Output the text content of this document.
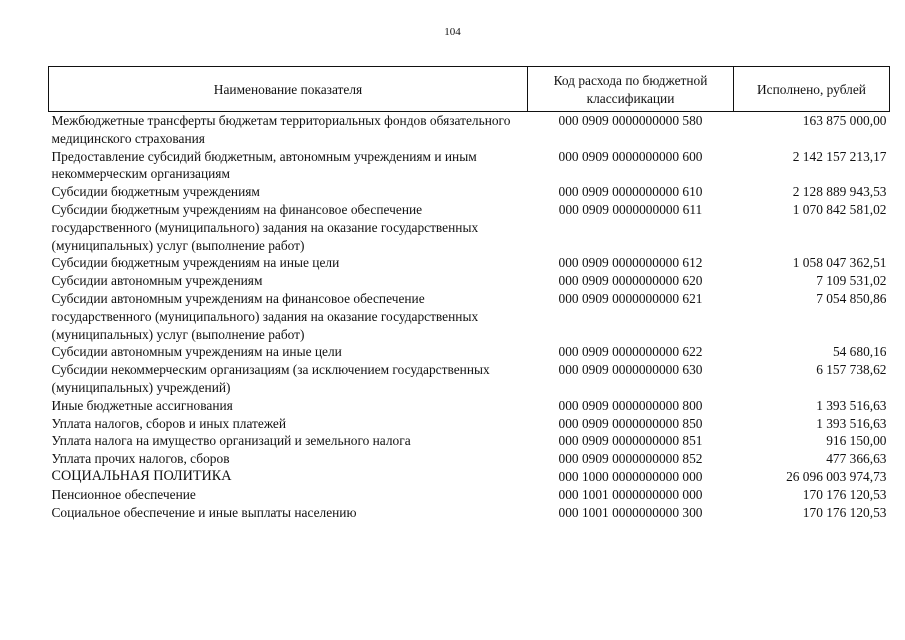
104
Наименование показателя	Код расхода по бюджетной классификации	Исполнено, рублей
Межбюджетные трансферты бюджетам территориальных фондов обязательного медицинского страхования	000 0909 0000000000 580	163 875 000,00
Предоставление субсидий бюджетным, автономным учреждениям и иным некоммерческим организациям	000 0909 0000000000 600	2 142 157 213,17
Субсидии бюджетным учреждениям	000 0909 0000000000 610	2 128 889 943,53
Субсидии бюджетным учреждениям на финансовое обеспечение государственного (муниципального) задания на оказание государственных (муниципальных) услуг (выполнение работ)	000 0909 0000000000 611	1 070 842 581,02
Субсидии бюджетным учреждениям на иные цели	000 0909 0000000000 612	1 058 047 362,51
Субсидии автономным учреждениям	000 0909 0000000000 620	7 109 531,02
Субсидии автономным учреждениям на финансовое обеспечение государственного (муниципального) задания на оказание государственных (муниципальных) услуг (выполнение работ)	000 0909 0000000000 621	7 054 850,86
Субсидии автономным учреждениям на иные цели	000 0909 0000000000 622	54 680,16
Субсидии некоммерческим организациям (за исключением государственных (муниципальных) учреждений)	000 0909 0000000000 630	6 157 738,62
Иные бюджетные ассигнования	000 0909 0000000000 800	1 393 516,63
Уплата налогов, сборов и иных платежей	000 0909 0000000000 850	1 393 516,63
Уплата налога на имущество организаций и земельного налога	000 0909 0000000000 851	916 150,00
Уплата прочих налогов, сборов	000 0909 0000000000 852	477 366,63
СОЦИАЛЬНАЯ ПОЛИТИКА	000 1000 0000000000 000	26 096 003 974,73
Пенсионное обеспечение	000 1001 0000000000 000	170 176 120,53
Социальное обеспечение и иные выплаты населению	000 1001 0000000000 300	170 176 120,53
